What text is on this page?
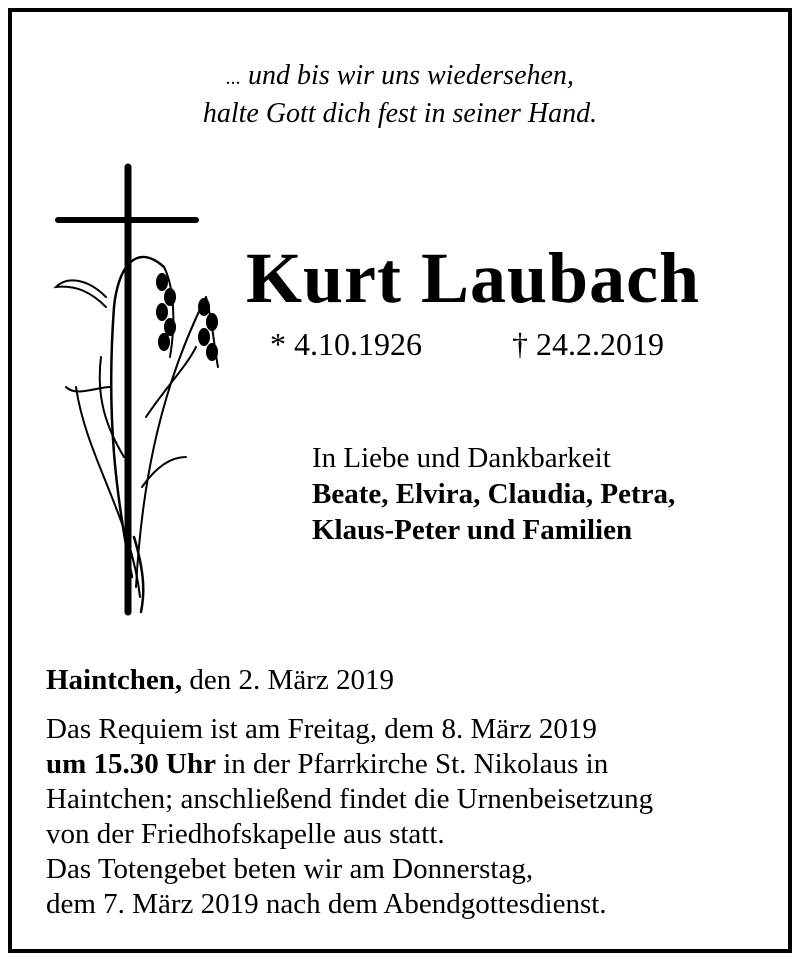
... und bis wir uns wiedersehen,
halte Gott dich fest in seiner Hand.
Kurt Laubach
* 4.10.1926	† 24.2.2019
In Liebe und Dankbarkeit
Beate, Elvira, Claudia, Petra,
Klaus-Peter und Familien
Haintchen, den 2. März 2019
Das Requiem ist am Freitag, dem 8. März 2019
um 15.30 Uhr in der Pfarrkirche St. Nikolaus in
Haintchen; anschließend findet die Urnenbeisetzung
von der Friedhofskapelle aus statt.
Das Totengebet beten wir am Donnerstag,
dem 7. März 2019 nach dem Abendgottesdienst.
